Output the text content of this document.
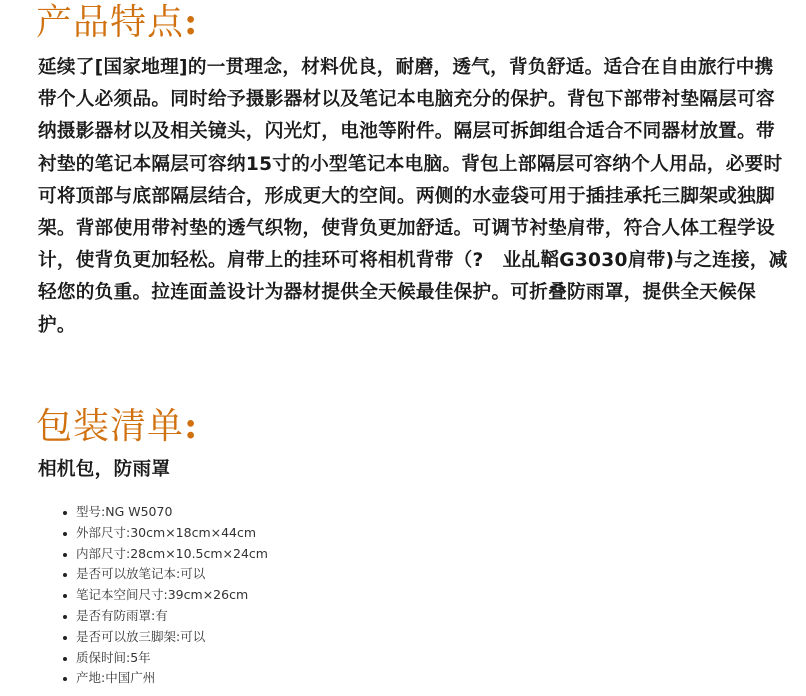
产品特点:

延续了[国家地理]的一贯理念，材料优良，耐磨，透气，背负舒适。适合在自由旅行中携带个人必须品。同时给予摄影器材以及笔记本电脑充分的保护。背包下部带衬垫隔层可容纳摄影器材以及相关镜头，闪光灯，电池等附件。隔层可拆卸组合适合不同器材放置。带衬垫的笔记本隔层可容纳15寸的小型笔记本电脑。背包上部隔层可容纳个人用品，必要时可将顶部与底部隔层结合，形成更大的空间。两侧的水壶袋可用于插挂承托三脚架或独脚架。背部使用带衬垫的透气织物，使背负更加舒适。可调节衬垫肩带，符合人体工程学设计，使背负更加轻松。肩带上的挂环可将相机背带（?　业乩鞱G3030肩带)与之连接，减轻您的负重。拉连面盖设计为器材提供全天候最佳保护。可折叠防雨罩，提供全天候保护。

包装清单:

相机包，防雨罩

型号:NG W5070
外部尺寸:30cm×18cm×44cm
内部尺寸:28cm×10.5cm×24cm
是否可以放笔记本:可以
笔记本空间尺寸:39cm×26cm
是否有防雨罩:有
是否可以放三脚架:可以
质保时间:5年
产地:中国广州
